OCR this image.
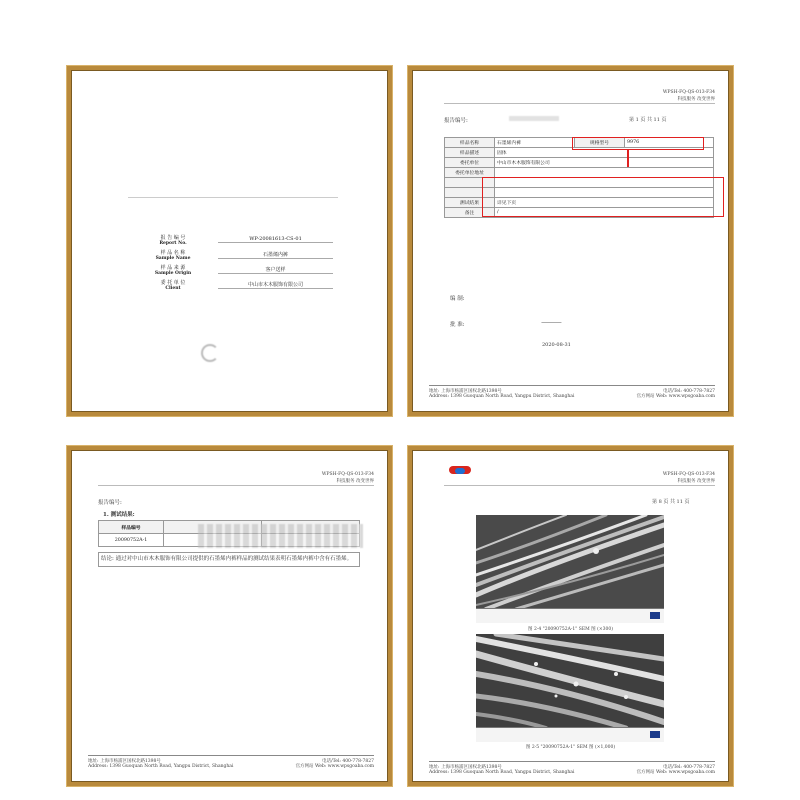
报 告 编 号
Report No.
WP-20081613-CS-01
样 品 名 称
Sample Name
石墨烯内裤
样 品 来 源
Sample Origin
客户送样
委 托 单 位
Client
中山市木木服饰有限公司
WPSH-FQ-QS-013-F34
科技服务 改变世界
报告编号:	第 1 页 共 11 页
样品名称	石墨烯内裤	规格型号	9976
样品描述	固体		
委托单位	中山市木木服饰有限公司		
委托单位地址			

测试结果	详见下页		
备注	/		
编 制:
批 准:
2020-08-31
地址: 上海市杨浦区国权北路1398号
Address: 1398 Guoquan North Road, Yangpu District, Shanghai
电话/Tel: 400-778-7827
官方网站 Web: www.wpsgoaba.com
WPSH-FQ-QS-013-F34
科技服务 改变世界
报告编号:
1. 测试结果:
样品编号		
20090752A-1		
结论: 通过对中山市木木服饰有限公司提供的石墨烯内裤样品的测试结果表明石墨烯内裤中含有石墨烯。
地址: 上海市杨浦区国权北路1398号
Address: 1398 Guoquan North Road, Yangpu District, Shanghai
电话/Tel: 400-778-7827
官方网站 Web: www.wpsgoaba.com
WPSH-FQ-QS-013-F34
科技服务 改变世界
第 8 页 共 11 页
图 2-4 "20090752A-1" SEM 图 (×300)
图 2-5 "20090752A-1" SEM 图 (×1,000)
地址: 上海市杨浦区国权北路1398号
Address: 1398 Guoquan North Road, Yangpu District, Shanghai
电话/Tel: 400-778-7827
官方网站 Web: www.wpsgoaba.com
